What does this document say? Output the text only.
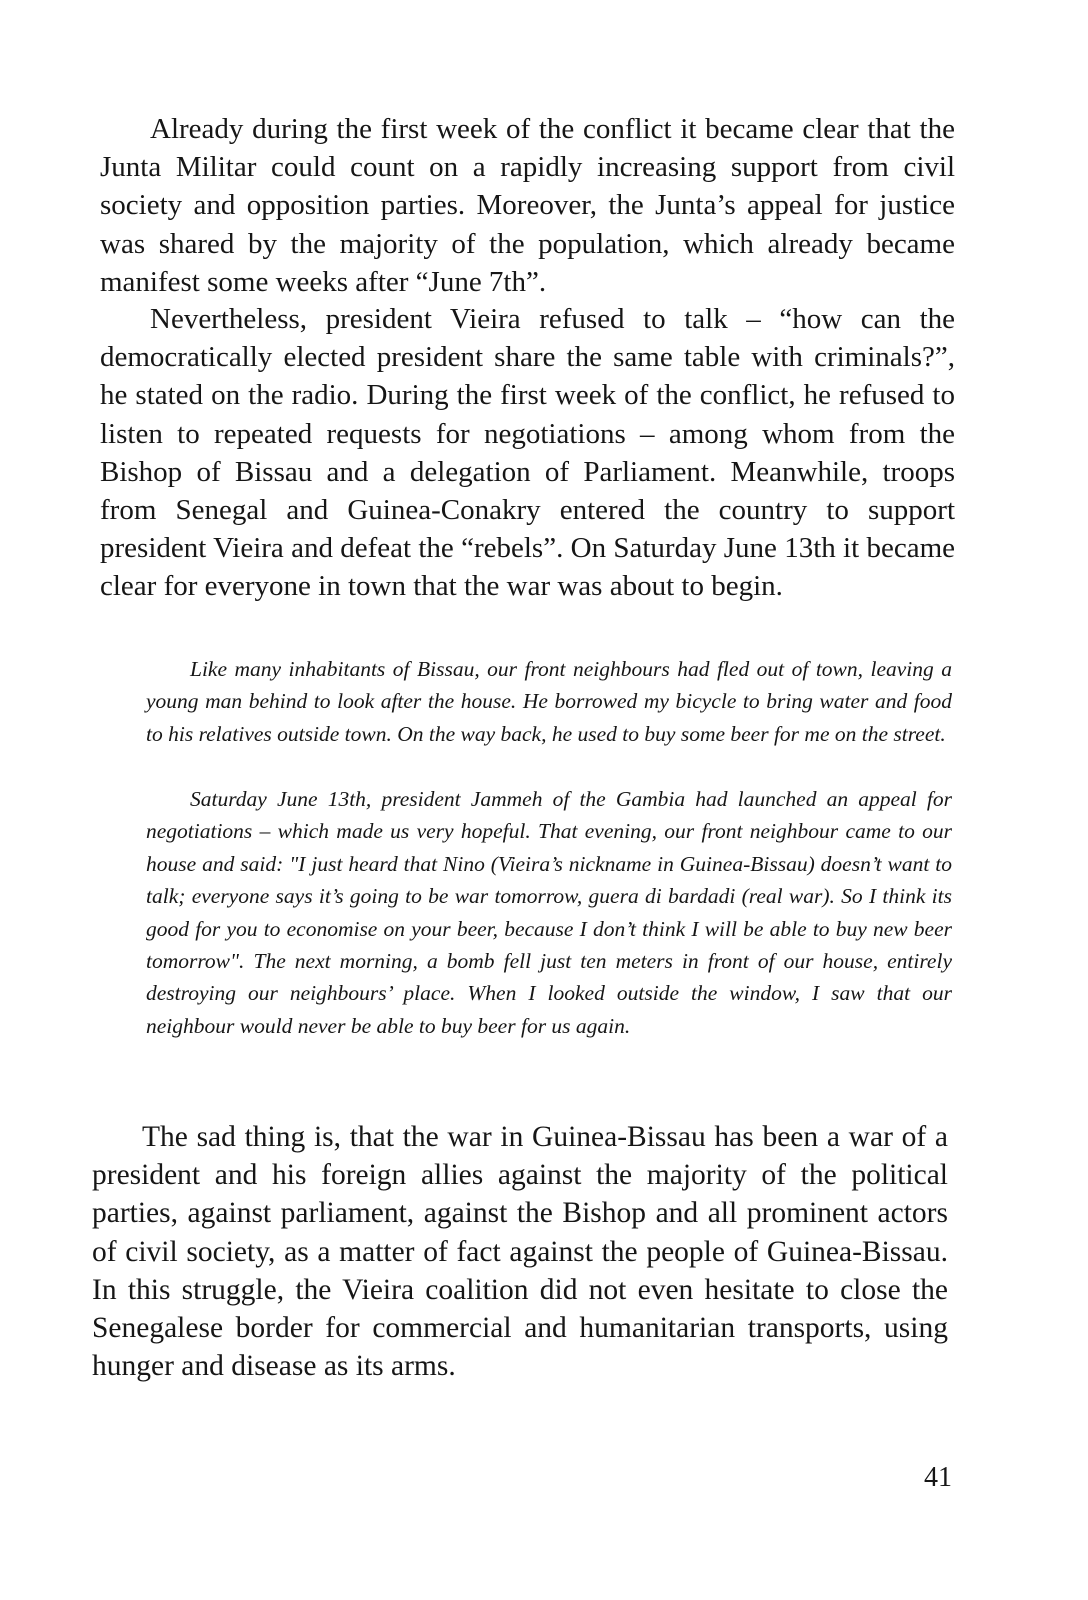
Already during the first week of the conflict it became clear that the Junta Militar could count on a rapidly increasing support from civil society and opposition parties. Moreover, the Junta’s appeal for justice was shared by the majority of the population, which already became manifest some weeks after “June 7th”.

Nevertheless, president Vieira refused to talk – “how can the democratically elected president share the same table with criminals?”, he stated on the radio. During the first week of the conflict, he refused to listen to repeated requests for negotiations – among whom from the Bishop of Bissau and a delegation of Parliament. Meanwhile, troops from Senegal and Guinea-Conakry entered the country to support president Vieira and defeat the “rebels”. On Saturday June 13th it became clear for everyone in town that the war was about to begin.

Like many inhabitants of Bissau, our front neighbours had fled out of town, leaving a young man behind to look after the house. He borrowed my bicycle to bring water and food to his relatives outside town. On the way back, he used to buy some beer for me on the street.

Saturday June 13th, president Jammeh of the Gambia had launched an appeal for negotiations – which made us very hopeful. That evening, our front neighbour came to our house and said: "I just heard that Nino (Vieira’s nickname in Guinea-Bissau) doesn’t want to talk; everyone says it’s going to be war tomorrow, guera di bardadi (real war). So I think its good for you to economise on your beer, because I don’t think I will be able to buy new beer tomorrow". The next morning, a bomb fell just ten meters in front of our house, entirely destroying our neighbours’ place. When I looked outside the window, I saw that our neighbour would never be able to buy beer for us again.

The sad thing is, that the war in Guinea-Bissau has been a war of a president and his foreign allies against the majority of the political parties, against parliament, against the Bishop and all prominent actors of civil society, as a matter of fact against the people of Guinea-Bissau. In this struggle, the Vieira coalition did not even hesitate to close the Senegalese border for commercial and humanitarian transports, using hunger and disease as its arms.

41
